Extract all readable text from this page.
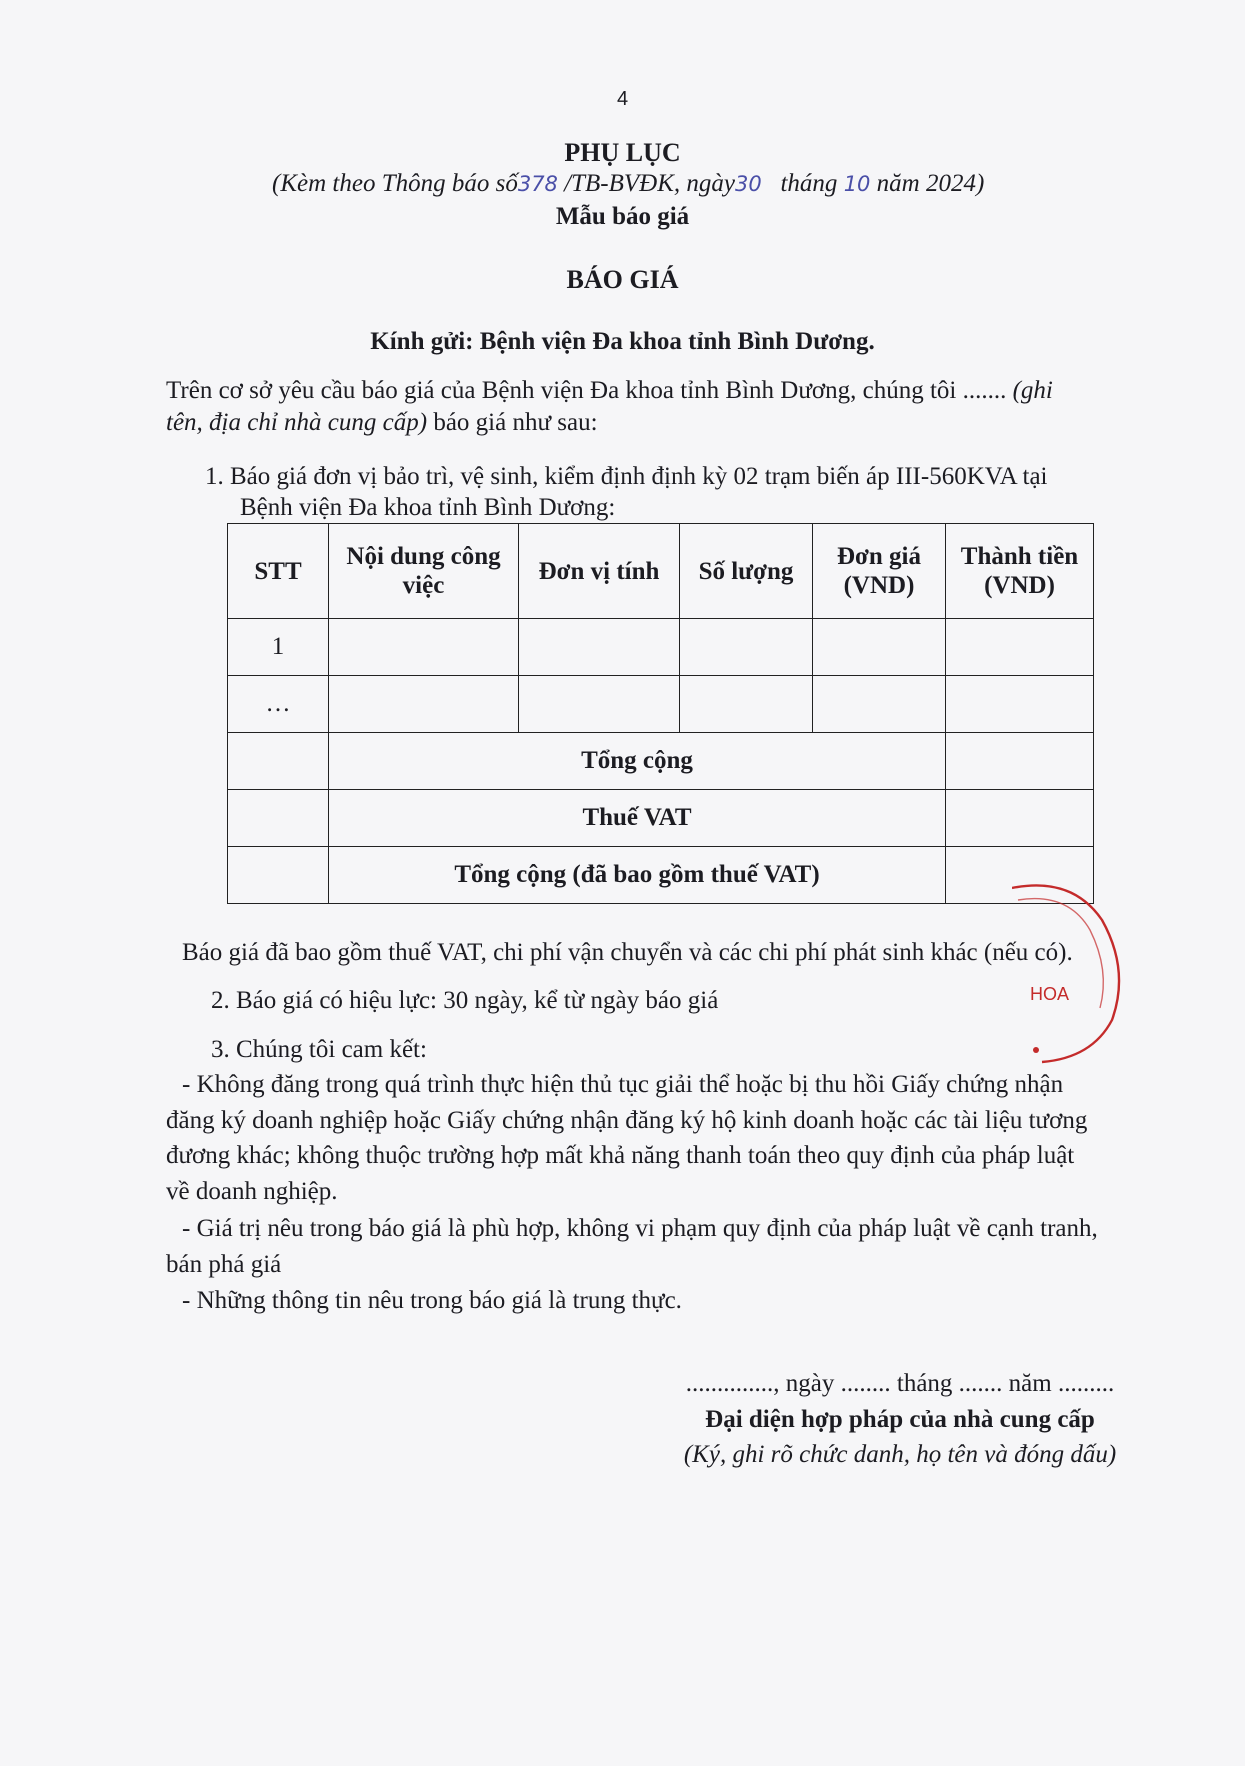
4
PHỤ LỤC
(Kèm theo Thông báo số378 /TB-BVĐK, ngày30 tháng 10 năm 2024)
Mẫu báo giá
BÁO GIÁ
Kính gửi: Bệnh viện Đa khoa tỉnh Bình Dương.
Trên cơ sở yêu cầu báo giá của Bệnh viện Đa khoa tỉnh Bình Dương, chúng tôi ....... (ghi
tên, địa chỉ nhà cung cấp) báo giá như sau:
1. Báo giá đơn vị bảo trì, vệ sinh, kiểm định định kỳ 02 trạm biến áp III-560KVA tại
Bệnh viện Đa khoa tỉnh Bình Dương:
STT	Nội dung công việc	Đơn vị tính	Số lượng	Đơn giá (VND)	Thành tiền (VND)
1					
…					
	Tổng cộng				
	Thuế VAT				
	Tổng cộng (đã bao gồm thuế VAT)				
Báo giá đã bao gồm thuế VAT, chi phí vận chuyển và các chi phí phát sinh khác (nếu có).
2. Báo giá có hiệu lực: 30 ngày, kể từ ngày báo giá
3. Chúng tôi cam kết:
- Không đăng trong quá trình thực hiện thủ tục giải thể hoặc bị thu hồi Giấy chứng nhận
đăng ký doanh nghiệp hoặc Giấy chứng nhận đăng ký hộ kinh doanh hoặc các tài liệu tương
đương khác; không thuộc trường hợp mất khả năng thanh toán theo quy định của pháp luật
về doanh nghiệp.
- Giá trị nêu trong báo giá là phù hợp, không vi phạm quy định của pháp luật về cạnh tranh,
bán phá giá
- Những thông tin nêu trong báo giá là trung thực.
.............., ngày ........ tháng ....... năm .........
Đại diện hợp pháp của nhà cung cấp
(Ký, ghi rõ chức danh, họ tên và đóng dấu)
HOA
